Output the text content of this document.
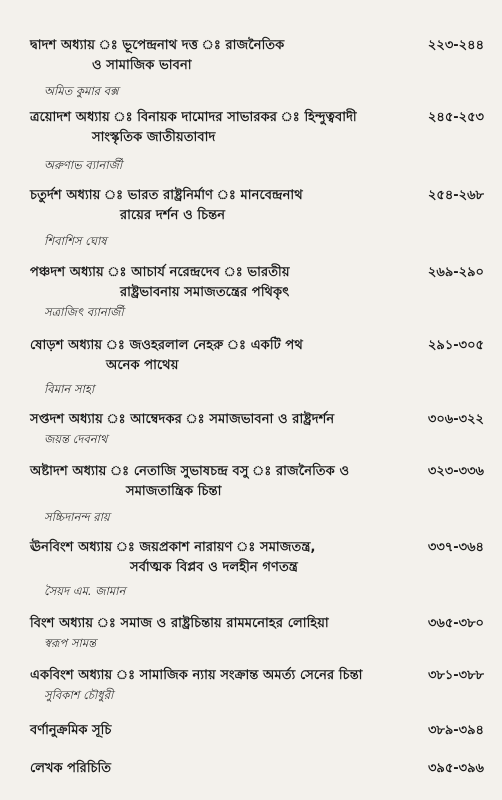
দ্বাদশ অধ্যায় ঃ ভূপেন্দ্রনাথ দত্ত ঃ রাজনৈতিক
ও সামাজিক ভাবনা
অমিত কুমার বক্স
২২৩-২৪৪
ত্রয়োদশ অধ্যায় ঃ বিনায়ক দামোদর সাভারকর ঃ হিন্দুত্ববাদী
সাংস্কৃতিক জাতীয়তাবাদ
অরুণাভ ব্যানার্জী
২৪৫-২৫৩
চতুর্দশ অধ্যায় ঃ ভারত রাষ্ট্রনির্মাণ ঃ মানবেন্দ্রনাথ
রায়ের দর্শন ও চিন্তন
শিবাশিস ঘোষ
২৫৪-২৬৮
পঞ্চদশ অধ্যায় ঃ আচার্য নরেন্দ্রদেব ঃ ভারতীয়
রাষ্ট্রভাবনায় সমাজতন্ত্রের পথিকৃৎ
সত্রাজিৎ ব্যানার্জী
২৬৯-২৯০
ষোড়শ অধ্যায় ঃ জওহরলাল নেহরু ঃ একটি পথ
অনেক পাথেয়
বিমান সাহা
২৯১-৩০৫
সপ্তদশ অধ্যায় ঃ আম্বেদকর ঃ সমাজভাবনা ও রাষ্ট্রদর্শন
জয়ন্ত দেবনাথ
৩০৬-৩২২
অষ্টাদশ অধ্যায় ঃ নেতাজি সুভাষচন্দ্র বসু ঃ রাজনৈতিক ও
সমাজতান্ত্রিক চিন্তা
সচ্চিদানন্দ রায়
৩২৩-৩৩৬
ঊনবিংশ অধ্যায় ঃ জয়প্রকাশ নারায়ণ ঃ সমাজতন্ত্র,
সর্বাত্মক বিপ্লব ও দলহীন গণতন্ত্র
সৈয়দ এম. জামান
৩৩৭-৩৬৪
বিংশ অধ্যায় ঃ সমাজ ও রাষ্ট্রচিন্তায় রামমনোহর লোহিয়া
স্বরূপ সামন্ত
৩৬৫-৩৮০
একবিংশ অধ্যায় ঃ সামাজিক ন্যায় সংক্রান্ত অমর্ত্য সেনের চিন্তা
সুবিকাশ চৌধুরী
৩৮১-৩৮৮
বর্ণানুক্রমিক সূচি	৩৮৯-৩৯৪
লেখক পরিচিতি	৩৯৫-৩৯৬
